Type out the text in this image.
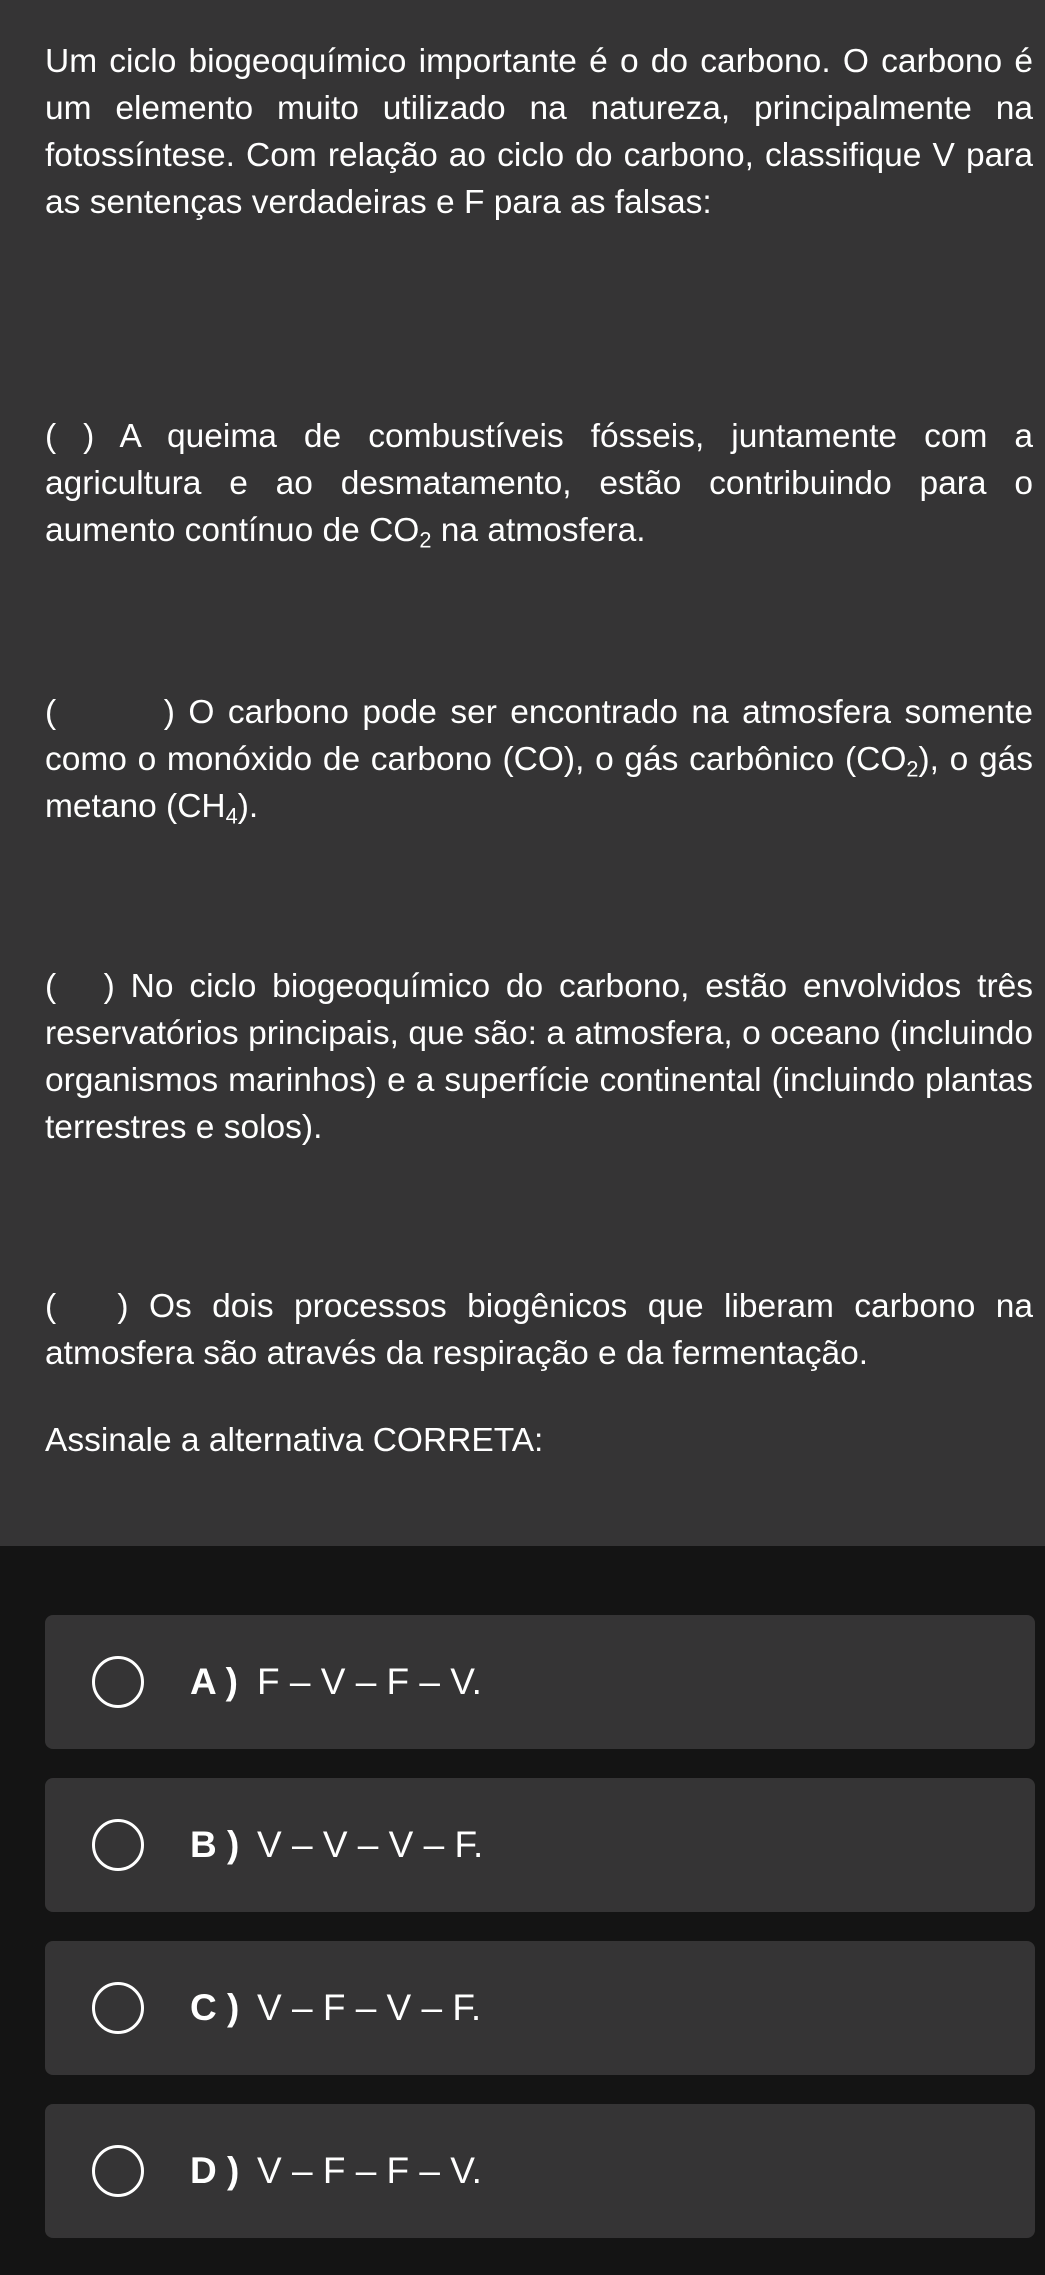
Um ciclo biogeoquímico importante é o do carbono. O carbono é um elemento muito utilizado na natureza, principalmente na fotossíntese. Com relação ao ciclo do carbono, classifique V para as sentenças verdadeiras e F para as falsas:

( ) A queima de combustíveis fósseis, juntamente com a agricultura e ao desmatamento, estão contribuindo para o aumento contínuo de $CO_2$ na atmosfera.

(        ) O carbono pode ser encontrado na atmosfera somente como o monóxido de carbono (CO), o gás carbônico $(CO_2)$, o gás metano $(CH_4)$.

(   ) No ciclo biogeoquímico do carbono, estão envolvidos três reservatórios principais, que são: a atmosfera, o oceano (incluindo organismos marinhos) e a superfície continental (incluindo plantas terrestres e solos).

(   ) Os dois processos biogênicos que liberam carbono na atmosfera são através da respiração e da fermentação.

Assinale a alternativa CORRETA:

A ) F – V – F – V.
B ) V – V – V – F.
C ) V – F – V – F.
D ) V – F – F – V.
